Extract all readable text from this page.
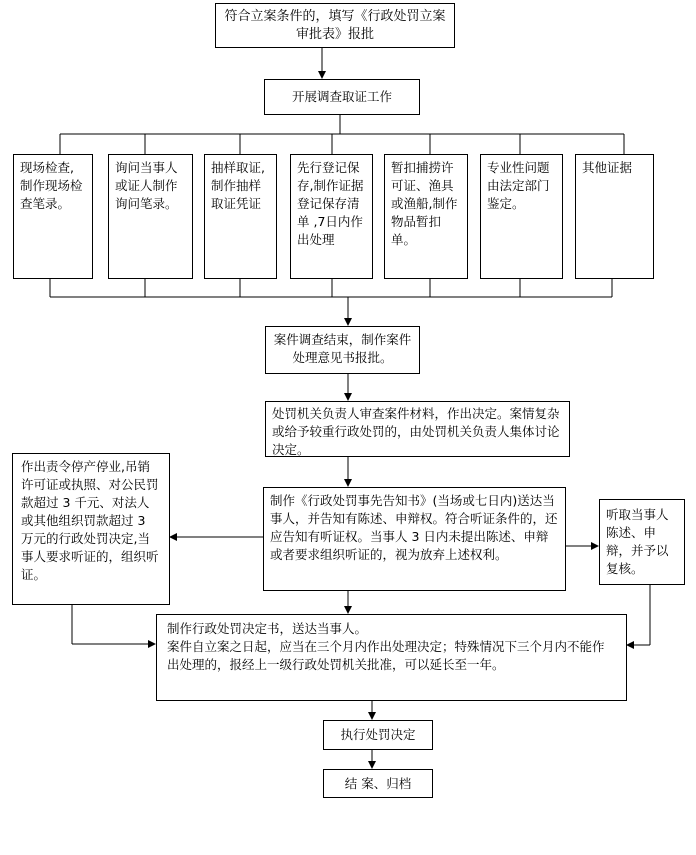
符合立案条件的，填写《行政处罚立案审批表》报批
开展调查取证工作
现场检查,制作现场检查笔录。
询问当事人或证人制作询问笔录。
抽样取证,制作抽样取证凭证
先行登记保存,制作证据登记保存清单 ,7日内作出处理
暂扣捕捞许可证、渔具或渔船,制作物品暂扣单。
专业性问题由法定部门鉴定。
其他证据
案件调查结束，制作案件处理意见书报批。
处罚机关负责人审查案件材料，作出决定。案情复杂或给予较重行政处罚的，由处罚机关负责人集体讨论决定。
作出责令停产停业,吊销许可证或执照、对公民罚款超过 3 千元、对法人或其他组织罚款超过 3 万元的行政处罚决定,当事人要求听证的，组织听证。
制作《行政处罚事先告知书》(当场或七日内)送达当事人，并告知有陈述、申辩权。符合听证条件的，还应告知有听证权。当事人 3 日内未提出陈述、申辩或者要求组织听证的，视为放弃上述权利。
听取当事人陈述、申辩，并予以复核。
制作行政处罚决定书，送达当事人。
案件自立案之日起，应当在三个月内作出处理决定；特殊情况下三个月内不能作出处理的，报经上一级行政处罚机关批准，可以延长至一年。
执行处罚决定
结 案、归档
